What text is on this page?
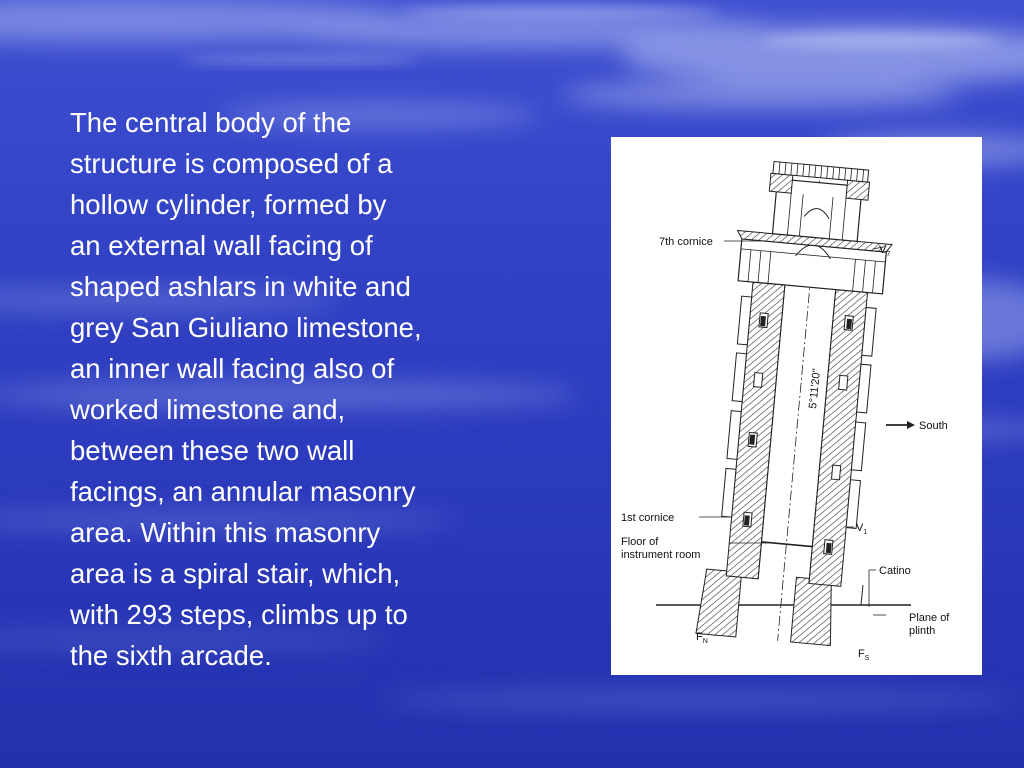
The central body of the
structure is composed of a
hollow cylinder, formed by
an external wall facing of
shaped ashlars in white and
grey San Giuliano limestone,
an inner wall facing also of
worked limestone and,
between these two wall
facings, an annular masonry
area. Within this masonry
area is a spiral stair, which,
with 293 steps, climbs up to
the sixth arcade.

5°11'20"
7th cornice
1st cornice
Floor of
instrument room
South
Catino
Plane of
plinth
$V_7$
$V_1$
$F_N$
$F_S$
